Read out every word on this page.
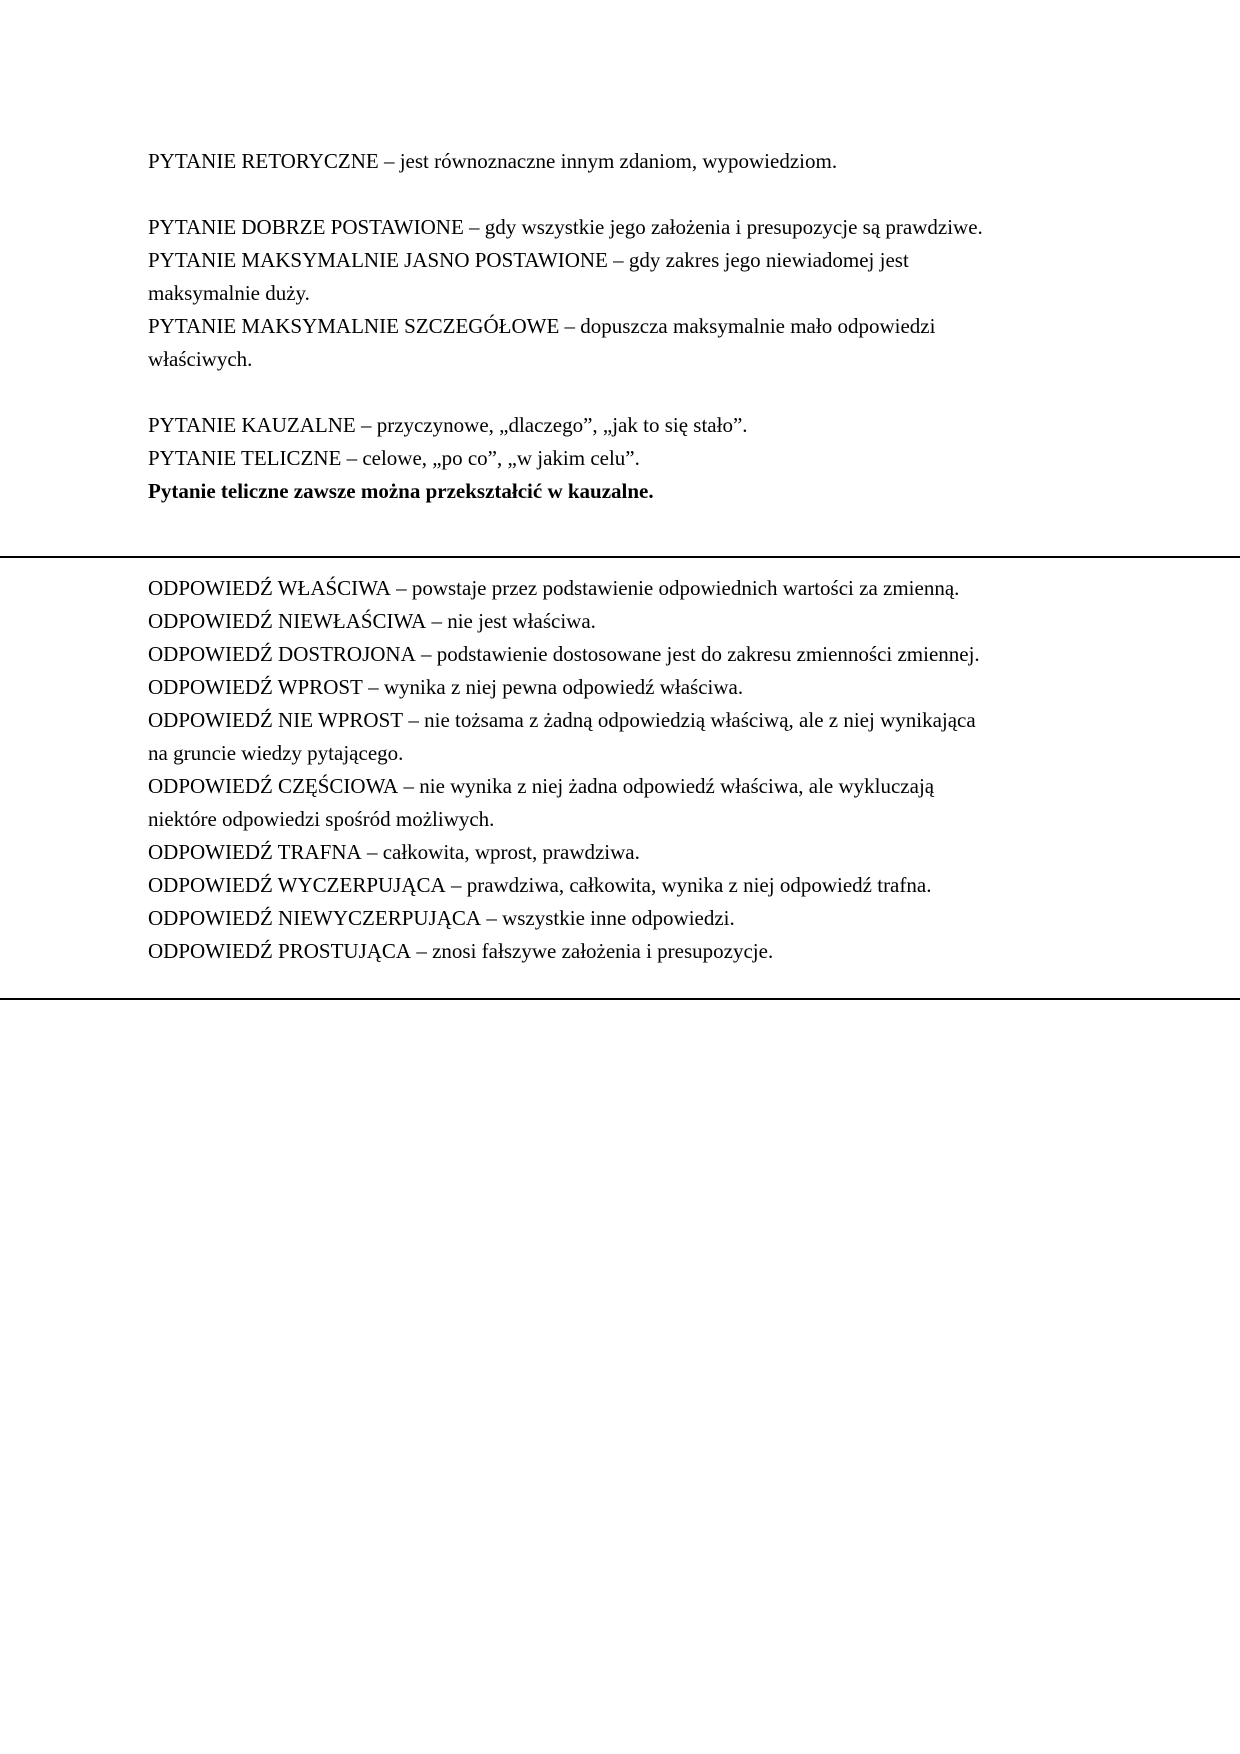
PYTANIE RETORYCZNE – jest równoznaczne innym zdaniom, wypowiedziom.
PYTANIE DOBRZE POSTAWIONE – gdy wszystkie jego założenia i presupozycje są prawdziwe.
PYTANIE MAKSYMALNIE JASNO POSTAWIONE – gdy zakres jego niewiadomej jest
maksymalnie duży.
PYTANIE MAKSYMALNIE SZCZEGÓŁOWE – dopuszcza maksymalnie mało odpowiedzi
właściwych.
PYTANIE KAUZALNE – przyczynowe, „dlaczego”, „jak to się stało”.
PYTANIE TELICZNE – celowe, „po co”, „w jakim celu”.
Pytanie teliczne zawsze można przekształcić w kauzalne.
ODPOWIEDŹ WŁAŚCIWA – powstaje przez podstawienie odpowiednich wartości za zmienną.
ODPOWIEDŹ NIEWŁAŚCIWA – nie jest właściwa.
ODPOWIEDŹ DOSTROJONA – podstawienie dostosowane jest do zakresu zmienności zmiennej.
ODPOWIEDŹ WPROST – wynika z niej pewna odpowiedź właściwa.
ODPOWIEDŹ NIE WPROST – nie tożsama z żadną odpowiedzią właściwą, ale z niej wynikająca
na gruncie wiedzy pytającego.
ODPOWIEDŹ CZĘŚCIOWA – nie wynika z niej żadna odpowiedź właściwa, ale wykluczają
niektóre odpowiedzi spośród możliwych.
ODPOWIEDŹ TRAFNA – całkowita, wprost, prawdziwa.
ODPOWIEDŹ WYCZERPUJĄCA – prawdziwa, całkowita, wynika z niej odpowiedź trafna.
ODPOWIEDŹ NIEWYCZERPUJĄCA – wszystkie inne odpowiedzi.
ODPOWIEDŹ PROSTUJĄCA – znosi fałszywe założenia i presupozycje.
